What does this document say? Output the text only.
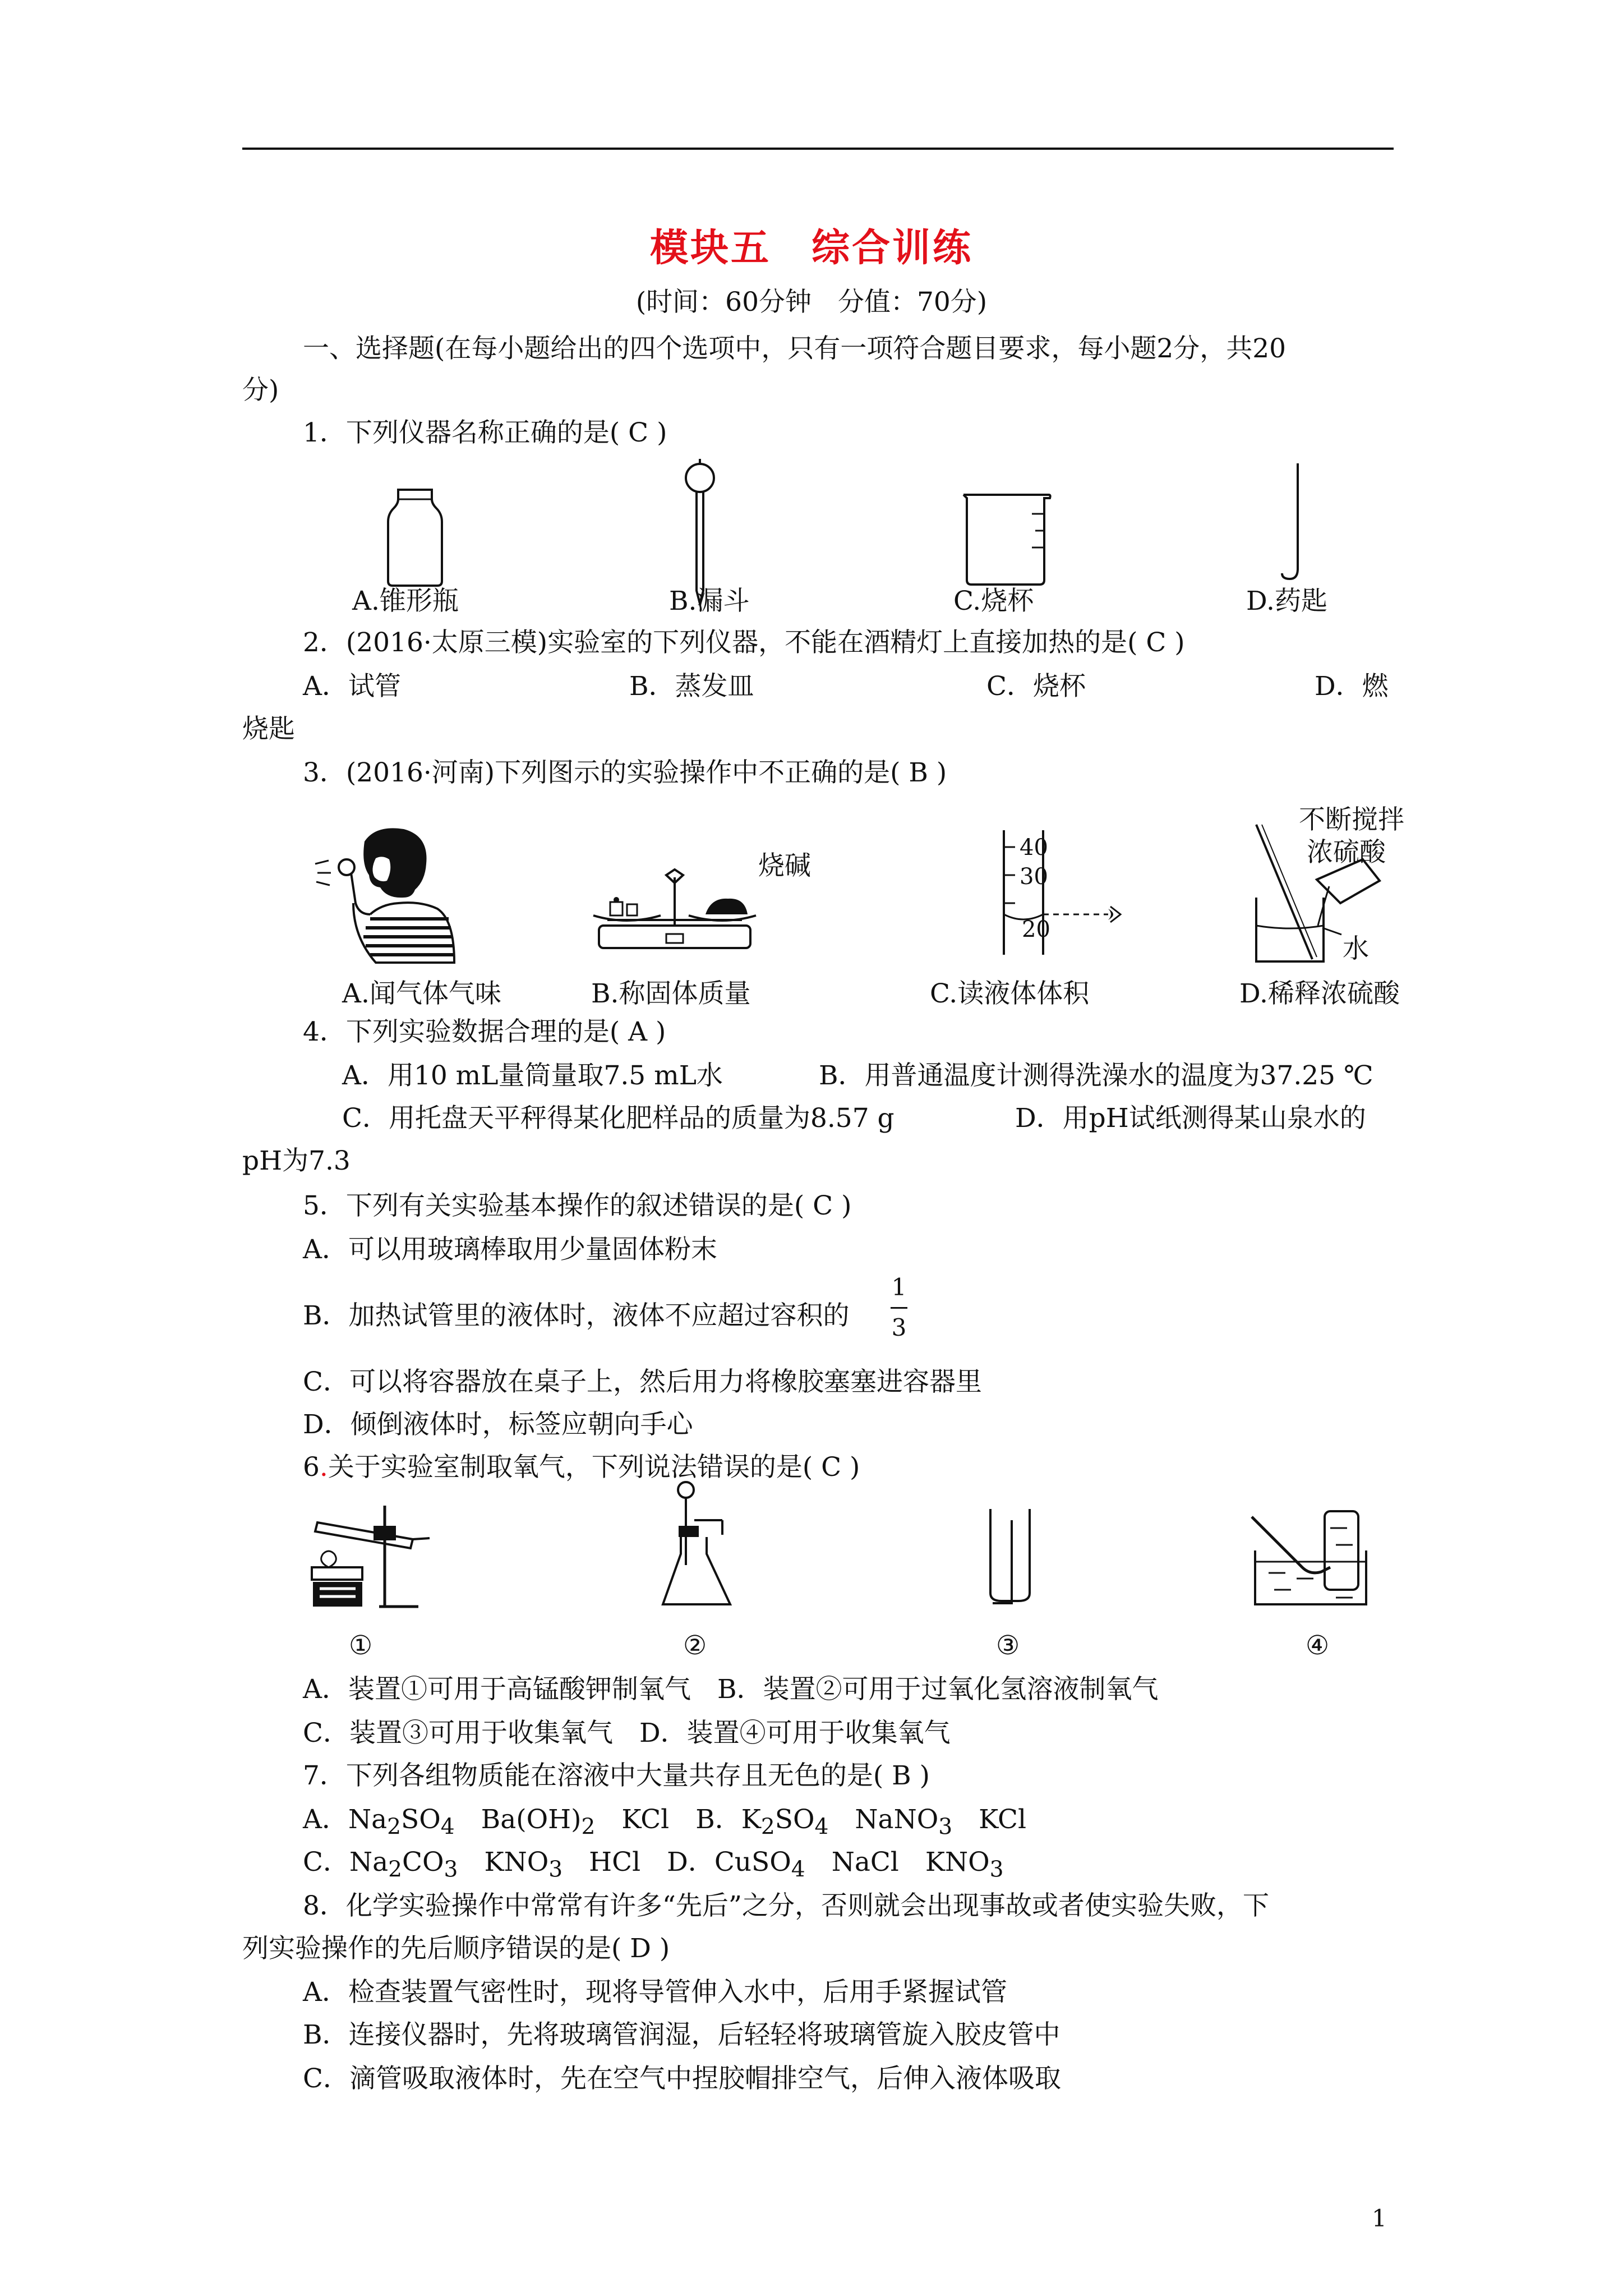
模块五　综合训练
(时间：60分钟　分值：70分)
一、选择题(在每小题给出的四个选项中，只有一项符合题目要求，每小题2分，共20
分)
1．下列仪器名称正确的是( C )
A.锥形瓶	B.漏斗	C.烧杯	D.药匙
2．(2016·太原三模)实验室的下列仪器，不能在酒精灯上直接加热的是( C )
A．试管	B．蒸发皿	C．烧杯	D．燃
烧匙
3．(2016·河南)下列图示的实验操作中不正确的是( B )
烧碱
40
30
20
不断搅拌
浓硫酸
水
A.闻气体气味	B.称固体质量	C.读液体体积	D.稀释浓硫酸
4．下列实验数据合理的是( A )
A．用10 mL量筒量取7.5 mL水	B．用普通温度计测得洗澡水的温度为37.25 ℃
C．用托盘天平秤得某化肥样品的质量为8.57 g	D．用pH试纸测得某山泉水的
pH为7.3
5．下列有关实验基本操作的叙述错误的是( C )
A．可以用玻璃棒取用少量固体粉末
B．加热试管里的液体时，液体不应超过容积的
1
3
C．可以将容器放在桌子上，然后用力将橡胶塞塞进容器里
D．倾倒液体时，标签应朝向手心
6.关于实验室制取氧气，下列说法错误的是( C )
①	②	③	④
A．装置①可用于高锰酸钾制氧气　B．装置②可用于过氧化氢溶液制氧气
C．装置③可用于收集氧气　D．装置④可用于收集氧气
7．下列各组物质能在溶液中大量共存且无色的是( B )
A．$Na_2SO_4$　$Ba(OH)_2$　KCl　B．$K_2SO_4$　NaNO$_3$　KCl
C．$Na_2CO_3$　$KNO_3$　HCl　D．CuSO$_4$　NaCl　$KNO_3$
8．化学实验操作中常常有许多“先后”之分，否则就会出现事故或者使实验失败，下
列实验操作的先后顺序错误的是( D )
A．检查装置气密性时，现将导管伸入水中，后用手紧握试管
B．连接仪器时，先将玻璃管润湿，后轻轻将玻璃管旋入胶皮管中
C．滴管吸取液体时，先在空气中捏胶帽排空气，后伸入液体吸取
1
